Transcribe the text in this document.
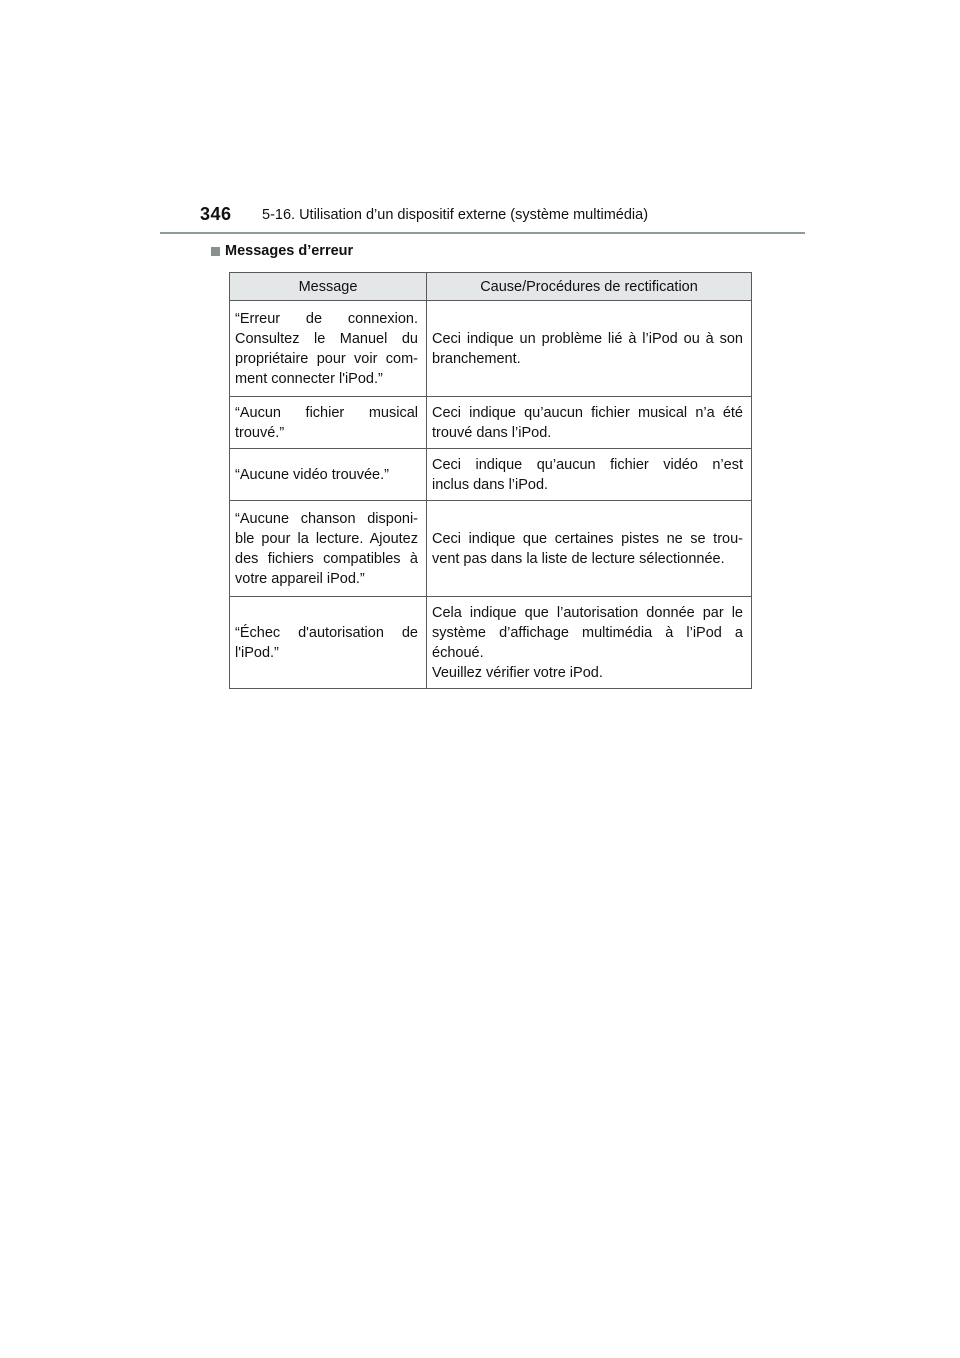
346 5-16. Utilisation d’un dispositif externe (système multimédia)
Messages d’erreur
Message	Cause/Procédures de rectification

“Erreur de connexion.
Consultez le Manuel du
propriétaire pour voir com-
ment connecter l'iPod.”	Ceci indique un problème lié à l’iPod ou à son
branchement.

“Aucun fichier musical
trouvé.”	Ceci indique qu’aucun fichier musical n’a été
trouvé dans l’iPod.

“Aucune vidéo trouvée.”	Ceci indique qu’aucun fichier vidéo n’est
inclus dans l’iPod.

“Aucune chanson disponi-
ble pour la lecture. Ajoutez
des fichiers compatibles à
votre appareil iPod.”	Ceci indique que certaines pistes ne se trou-
vent pas dans la liste de lecture sélectionnée.

“Échec d'autorisation de
l'iPod.”	Cela indique que l’autorisation donnée par le
système d’affichage multimédia à l’iPod a
échoué.
Veuillez vérifier votre iPod.
